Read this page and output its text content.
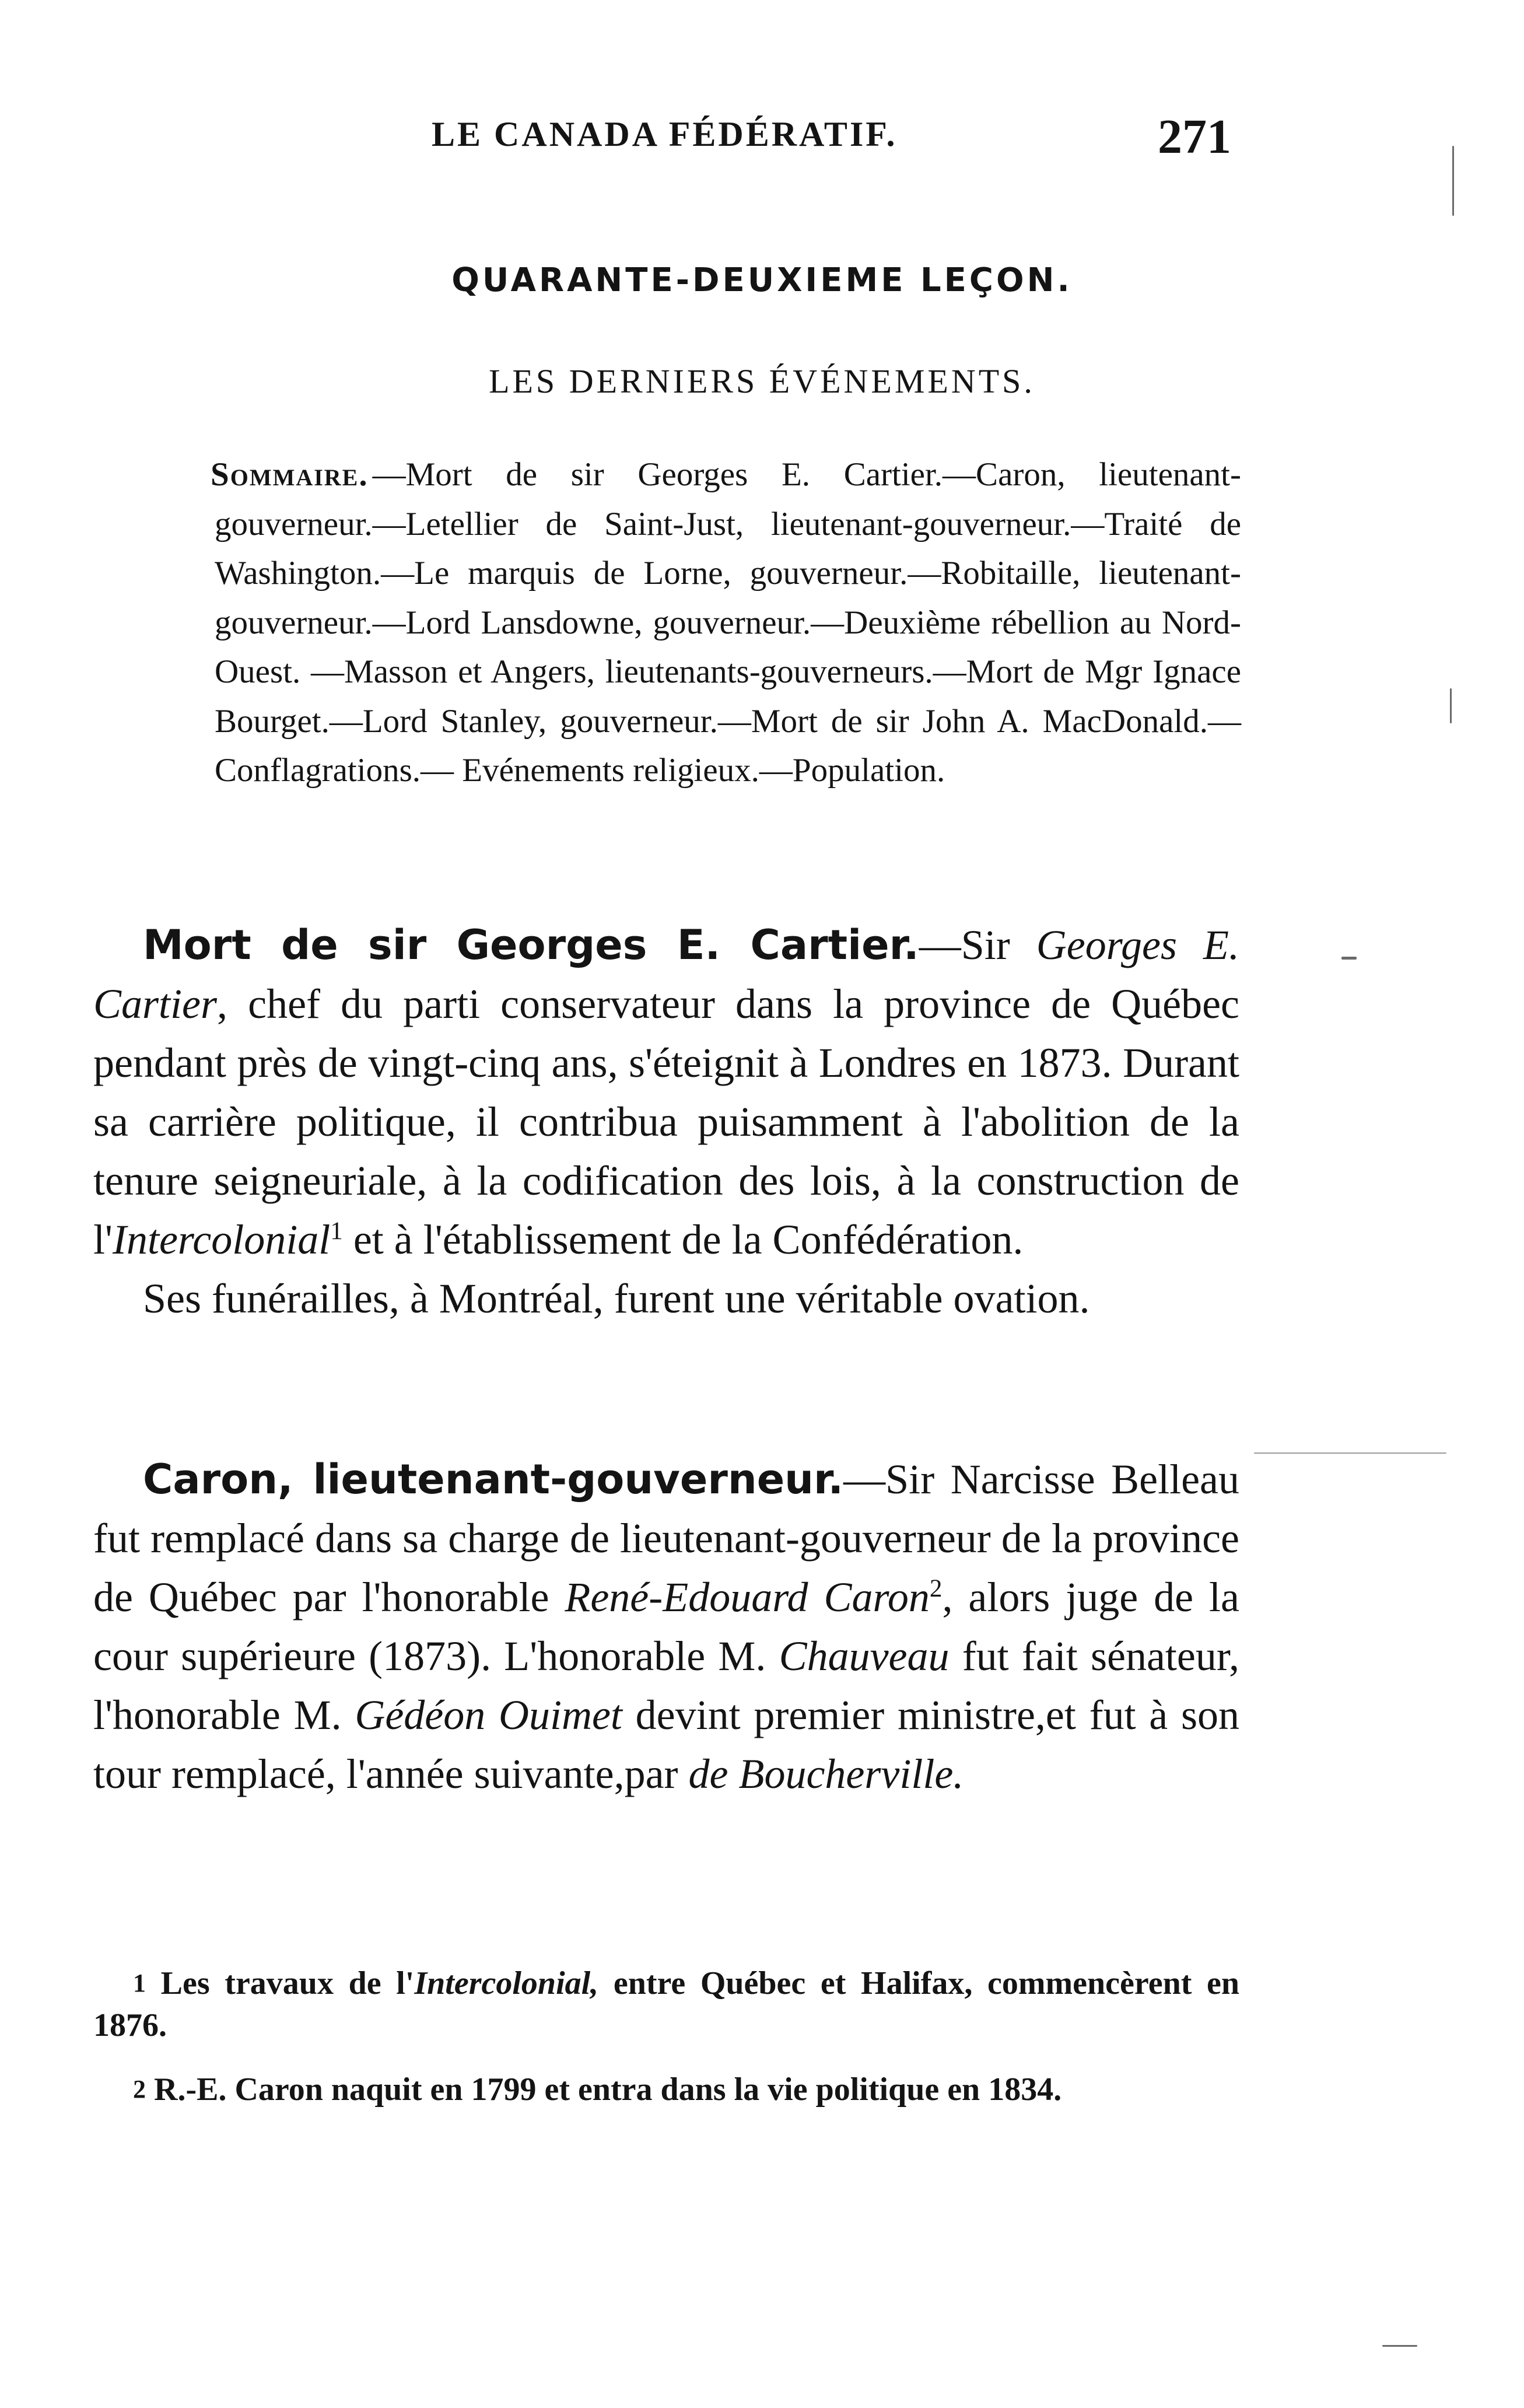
LE CANADA FÉDÉRATIF.	271
QUARANTE-DEUXIEME LEÇON.
LES DERNIERS ÉVÉNEMENTS.
Sommaire. —Mort de sir Georges E. Cartier.—Caron, lieutenant-gouverneur.—Letellier de Saint-Just, lieutenant-gouverneur.—Traité de Washington.—Le marquis de Lorne, gouverneur.—Robitaille, lieutenant-gouverneur.—Lord Lansdowne, gouverneur.—Deuxième rébellion au Nord-Ouest. —Masson et Angers, lieutenants-gouverneurs.—Mort de Mgr Ignace Bourget.—Lord Stanley, gouverneur.—Mort de sir John A. MacDonald.— Conflagrations.— Evénements religieux.—Population.

Mort de sir Georges E. Cartier.—Sir Georges E. Cartier, chef du parti conservateur dans la province de Québec pendant près de vingt-cinq ans, s'éteignit à Londres en 1873. Durant sa carrière politique, il contribua puisamment à l'abolition de la tenure seigneuriale, à la codification des lois, à la construction de l'Intercolonial$^1$ et à l'établissement de la Confédération.

Ses funérailles, à Montréal, furent une véritable ovation.

Caron, lieutenant-gouverneur.—Sir Narcisse Belleau fut remplacé dans sa charge de lieutenant-gouverneur de la province de Québec par l'honorable René-Edouard Caron$^2$, alors juge de la cour supérieure (1873). L'honorable M. Chauveau fut fait sénateur, l'honorable M. Gédéon Ouimet devint premier ministre,et fut à son tour remplacé, l'année suivante,par de Boucherville.

$^1$ Les travaux de l'Intercolonial, entre Québec et Halifax, commencèrent en 1876.

$^2$ R.-E. Caron naquit en 1799 et entra dans la vie politique en 1834.
